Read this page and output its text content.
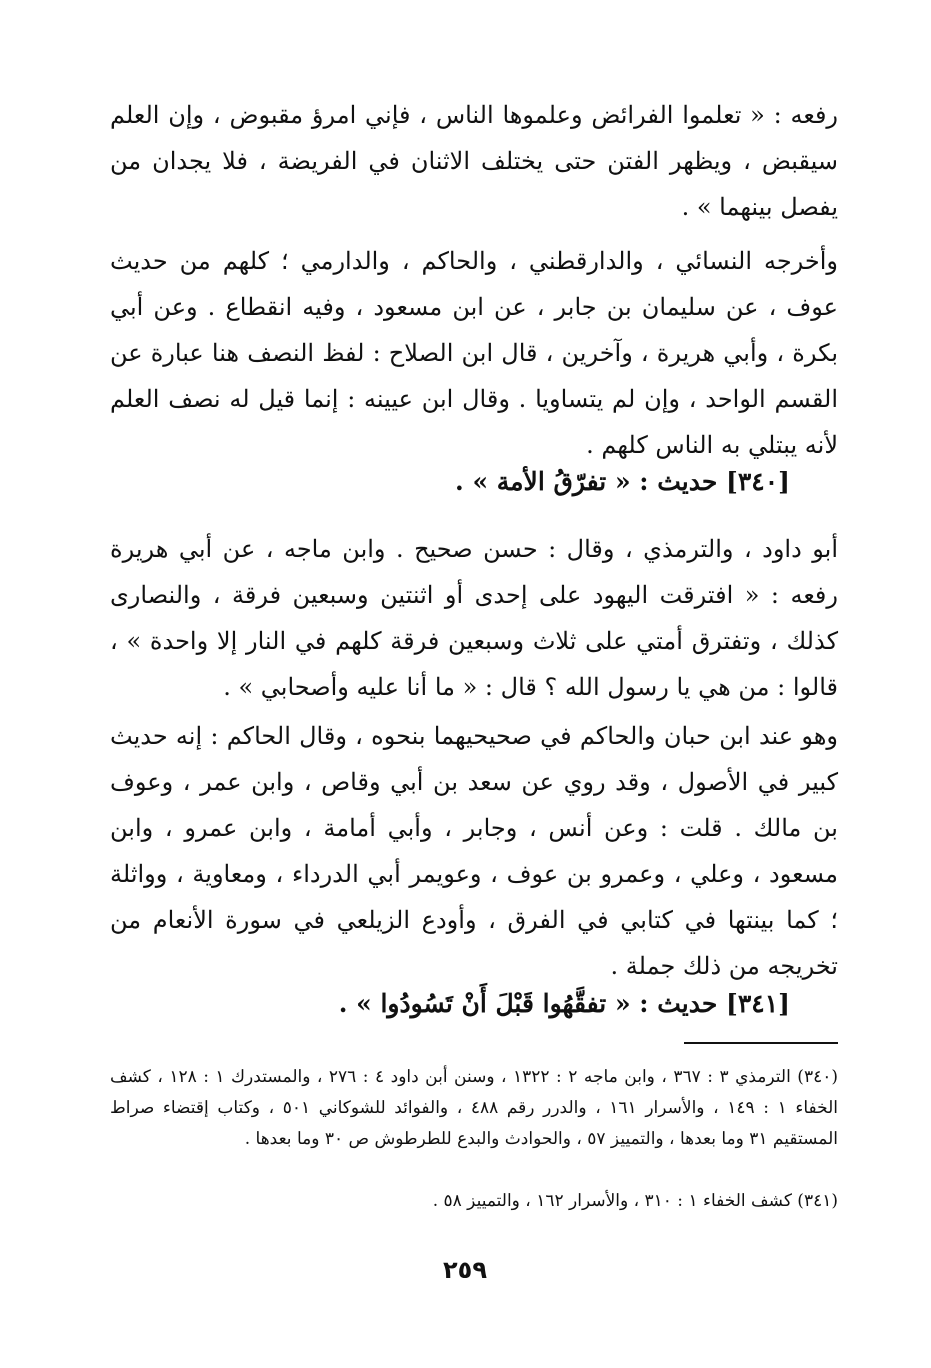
رفعه : « تعلموا الفرائض وعلموها الناس ، فإني امرؤ مقبوض ، وإن العلم سيقبض ، ويظهر الفتن حتى يختلف الاثنان في الفريضة ، فلا يجدان من يفصل بينهما » .

وأخرجه النسائي ، والدارقطني ، والحاكم ، والدارمي ؛ كلهم من حديث عوف ، عن سليمان بن جابر ، عن ابن مسعود ، وفيه انقطاع . وعن أبي بكرة ، وأبي هريرة ، وآخرين ، قال ابن الصلاح : لفظ النصف هنا عبارة عن القسم الواحد ، وإن لم يتساويا . وقال ابن عيينه : إنما قيل له نصف العلم لأنه يبتلي به الناس كلهم .

[٣٤٠] حديث : « تفرّقُ الأمة » .

أبو داود ، والترمذي ، وقال : حسن صحيح . وابن ماجه ، عن أبي هريرة رفعه : « افترقت اليهود على إحدى أو اثنتين وسبعين فرقة ، والنصارى كذلك ، وتفترق أمتي على ثلاث وسبعين فرقة كلهم في النار إلا واحدة » ، قالوا : من هي يا رسول الله ؟ قال : « ما أنا عليه وأصحابي » .

وهو عند ابن حبان والحاكم في صحيحيهما بنحوه ، وقال الحاكم : إنه حديث كبير في الأصول ، وقد روي عن سعد بن أبي وقاص ، وابن عمر ، وعوف بن مالك . قلت : وعن أنس ، وجابر ، وأبي أمامة ، وابن عمرو ، وابن مسعود ، وعلي ، وعمرو بن عوف ، وعويمر أبي الدرداء ، ومعاوية ، وواثلة ؛ كما بينتها في كتابي في الفرق ، وأودع الزيلعي في سورة الأنعام من تخريجه من ذلك جملة .

[٣٤١] حديث : « تفقَّهُوا قَبْلَ أَنْ تَسُودُوا » .

(٣٤٠) الترمذي ٣ : ٣٦٧ ، وابن ماجه ٢ : ١٣٢٢ ، وسنن أبن داود ٤ : ٢٧٦ ، والمستدرك ١ : ١٢٨ ، كشف الخفاء ١ : ١٤٩ ، والأسرار ١٦١ ، والدرر رقم ٤٨٨ ، والفوائد للشوكاني ٥٠١ ، وكتاب إقتضاء صراط المستقيم ٣١ وما بعدها ، والتمييز ٥٧ ، والحوادث والبدع للطرطوش ص ٣٠ وما بعدها .

(٣٤١) كشف الخفاء ١ : ٣١٠ ، والأسرار ١٦٢ ، والتمييز ٥٨ .

٢٥٩
